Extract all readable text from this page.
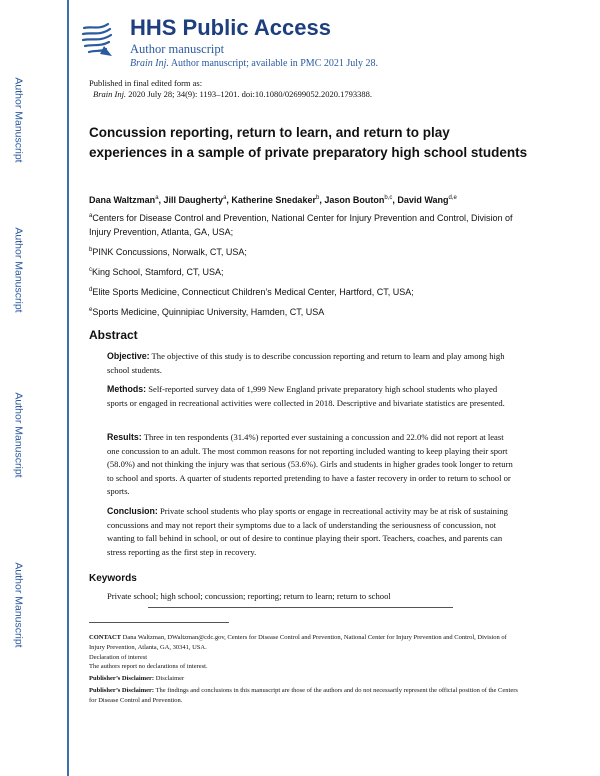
Author Manuscript
Author Manuscript
Author Manuscript
Author Manuscript
HHS Public Access
Author manuscript
Brain Inj. Author manuscript; available in PMC 2021 July 28.
Published in final edited form as:
Brain Inj. 2020 July 28; 34(9): 1193–1201. doi:10.1080/02699052.2020.1793388.
Concussion reporting, return to learn, and return to play experiences in a sample of private preparatory high school students
Dana Waltzman$^a$, Jill Daugherty$^a$, Katherine Snedaker$^b$, Jason Bouton$^{b,c}$, David Wang$^{d,e}$
$^a$Centers for Disease Control and Prevention, National Center for Injury Prevention and Control, Division of Injury Prevention, Atlanta, GA, USA;
$^b$PINK Concussions, Norwalk, CT, USA;
$^c$King School, Stamford, CT, USA;
$^d$Elite Sports Medicine, Connecticut Children’s Medical Center, Hartford, CT, USA;
$^e$Sports Medicine, Quinnipiac University, Hamden, CT, USA
Abstract
Objective: The objective of this study is to describe concussion reporting and return to learn and play among high school students.
Methods: Self-reported survey data of 1,999 New England private preparatory high school students who played sports or engaged in recreational activities were collected in 2018. Descriptive and bivariate statistics are presented.
Results: Three in ten respondents (31.4%) reported ever sustaining a concussion and 22.0% did not report at least one concussion to an adult. The most common reasons for not reporting included wanting to keep playing their sport (58.0%) and not thinking the injury was that serious (53.6%). Girls and students in higher grades took longer to return to school and sports. A quarter of students reported pretending to have a faster recovery in order to return to school or sports.
Conclusion: Private school students who play sports or engage in recreational activity may be at risk of sustaining concussions and may not report their symptoms due to a lack of understanding the seriousness of concussion, not wanting to fall behind in school, or out of desire to continue playing their sport. Teachers, coaches, and parents can stress reporting as the first step in recovery.
Keywords
Private school; high school; concussion; reporting; return to learn; return to school
CONTACT Dana Waltzman, DWaltzman@cdc.gov, Centers for Disease Control and Prevention, National Center for Injury Prevention and Control, Division of Injury Prevention, Atlanta, GA, 30341, USA.
Declaration of interest
The authors report no declarations of interest.
Publisher’s Disclaimer: Disclaimer
Publisher’s Disclaimer: The findings and conclusions in this manuscript are those of the authors and do not necessarily represent the official position of the Centers for Disease Control and Prevention.
